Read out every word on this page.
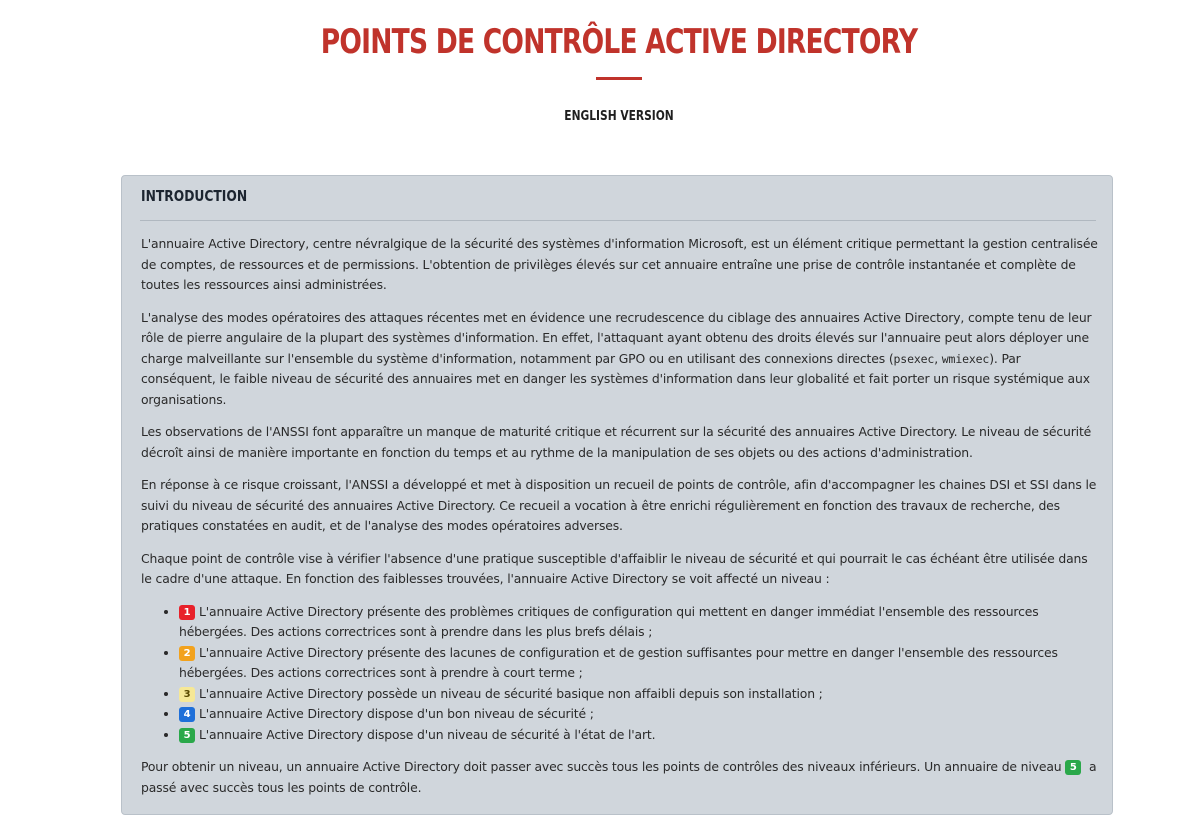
POINTS DE CONTRÔLE ACTIVE DIRECTORY
ENGLISH VERSION
INTRODUCTION

L'annuaire Active Directory, centre névralgique de la sécurité des systèmes d'information Microsoft, est un élément critique permettant la gestion centralisée de comptes, de ressources et de permissions. L'obtention de privilèges élevés sur cet annuaire entraîne une prise de contrôle instantanée et complète de toutes les ressources ainsi administrées.

L'analyse des modes opératoires des attaques récentes met en évidence une recrudescence du ciblage des annuaires Active Directory, compte tenu de leur rôle de pierre angulaire de la plupart des systèmes d'information. En effet, l'attaquant ayant obtenu des droits élevés sur l'annuaire peut alors déployer une charge malveillante sur l'ensemble du système d'information, notamment par GPO ou en utilisant des connexions directes (psexec, wmiexec). Par conséquent, le faible niveau de sécurité des annuaires met en danger les systèmes d'information dans leur globalité et fait porter un risque systémique aux organisations.

Les observations de l'ANSSI font apparaître un manque de maturité critique et récurrent sur la sécurité des annuaires Active Directory. Le niveau de sécurité décroît ainsi de manière importante en fonction du temps et au rythme de la manipulation de ses objets ou des actions d'administration.

En réponse à ce risque croissant, l'ANSSI a développé et met à disposition un recueil de points de contrôle, afin d'accompagner les chaines DSI et SSI dans le suivi du niveau de sécurité des annuaires Active Directory. Ce recueil a vocation à être enrichi régulièrement en fonction des travaux de recherche, des pratiques constatées en audit, et de l'analyse des modes opératoires adverses.

Chaque point de contrôle vise à vérifier l'absence d'une pratique susceptible d'affaiblir le niveau de sécurité et qui pourrait le cas échéant être utilisée dans le cadre d'une attaque. En fonction des faiblesses trouvées, l'annuaire Active Directory se voit affecté un niveau :

• 1 L'annuaire Active Directory présente des problèmes critiques de configuration qui mettent en danger immédiat l'ensemble des ressources hébergées. Des actions correctrices sont à prendre dans les plus brefs délais ;
• 2 L'annuaire Active Directory présente des lacunes de configuration et de gestion suffisantes pour mettre en danger l'ensemble des ressources hébergées. Des actions correctrices sont à prendre à court terme ;
• 3 L'annuaire Active Directory possède un niveau de sécurité basique non affaibli depuis son installation ;
• 4 L'annuaire Active Directory dispose d'un bon niveau de sécurité ;
• 5 L'annuaire Active Directory dispose d'un niveau de sécurité à l'état de l'art.

Pour obtenir un niveau, un annuaire Active Directory doit passer avec succès tous les points de contrôles des niveaux inférieurs. Un annuaire de niveau 5 a passé avec succès tous les points de contrôle.
